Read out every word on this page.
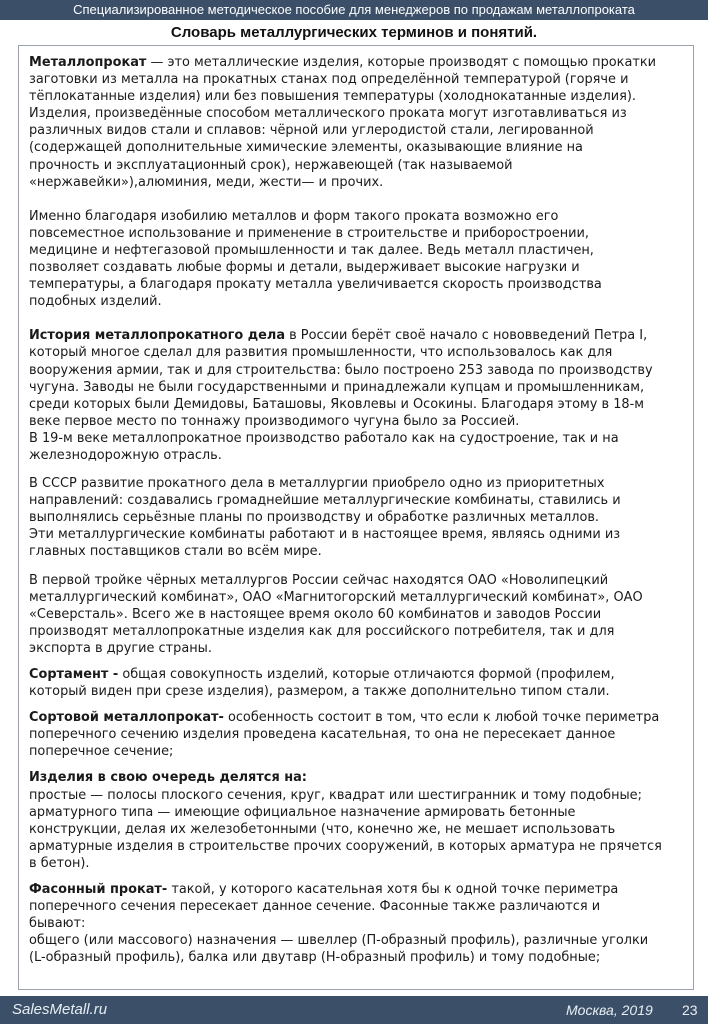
Специализированное методическое пособие для менеджеров по продажам металлопроката
Словарь металлургических терминов и понятий.
Металлопрокат — это металлические изделия, которые производят с помощью прокатки
заготовки из металла на прокатных станах под определённой температурой (горяче и
тёплокатанные изделия) или без повышения температуры (холоднокатанные изделия).
Изделия, произведённые способом металлического проката могут изготавливаться из
различных видов стали и сплавов: чёрной или углеродистой стали, легированной
(содержащей дополнительные химические элементы, оказывающие влияние на
прочность и эксплуатационный срок), нержавеющей (так называемой
«нержавейки»),алюминия, меди, жести— и прочих.
Именно благодаря изобилию металлов и форм такого проката возможно его
повсеместное использование и применение в строительстве и приборостроении,
медицине и нефтегазовой промышленности и так далее. Ведь металл пластичен,
позволяет создавать любые формы и детали, выдерживает высокие нагрузки и
температуры, а благодаря прокату металла увеличивается скорость производства
подобных изделий.
История металлопрокатного дела в России берёт своё начало с нововведений Петра I,
который многое сделал для развития промышленности, что использовалось как для
вооружения армии, так и для строительства: было построено 253 завода по производству
чугуна. Заводы не были государственными и принадлежали купцам и промышленникам,
среди которых были Демидовы, Баташовы, Яковлевы и Осокины. Благодаря этому в 18-м
веке первое место по тоннажу производимого чугуна было за Россией.
В 19-м веке металлопрокатное производство работало как на судостроение, так и на
железнодорожную отрасль.
В СССР развитие прокатного дела в металлургии приобрело одно из приоритетных
направлений: создавались громаднейшие металлургические комбинаты, ставились и
выполнялись серьёзные планы по производству и обработке различных металлов.
Эти металлургические комбинаты работают и в настоящее время, являясь одними из
главных поставщиков стали во всём мире.
В первой тройке чёрных металлургов России сейчас находятся ОАО «Новолипецкий
металлургический комбинат», ОАО «Магнитогорский металлургический комбинат», ОАО
«Северсталь». Всего же в настоящее время около 60 комбинатов и заводов России
производят металлопрокатные изделия как для российского потребителя, так и для
экспорта в другие страны.
Сортамент - общая совокупность изделий, которые отличаются формой (профилем,
который виден при срезе изделия), размером, а также дополнительно типом стали.
Сортовой металлопрокат- особенность состоит в том, что если к любой точке периметра
поперечного сечению изделия проведена касательная, то она не пересекает данное
поперечное сечение;
Изделия в свою очередь делятся на:
простые — полосы плоского сечения, круг, квадрат или шестигранник и тому подобные;
арматурного типа — имеющие официальное назначение армировать бетонные
конструкции, делая их железобетонными (что, конечно же, не мешает использовать
арматурные изделия в строительстве прочих сооружений, в которых арматура не прячется
в бетон).
Фасонный прокат- такой, у которого касательная хотя бы к одной точке периметра
поперечного сечения пересекает данное сечение. Фасонные также различаются и
бывают:
общего (или массового) назначения — швеллер (П-образный профиль), различные уголки
(L-образный профиль), балка или двутавр (Н-образный профиль) и тому подобные;
SalesMetall.ru	Москва, 2019 23
